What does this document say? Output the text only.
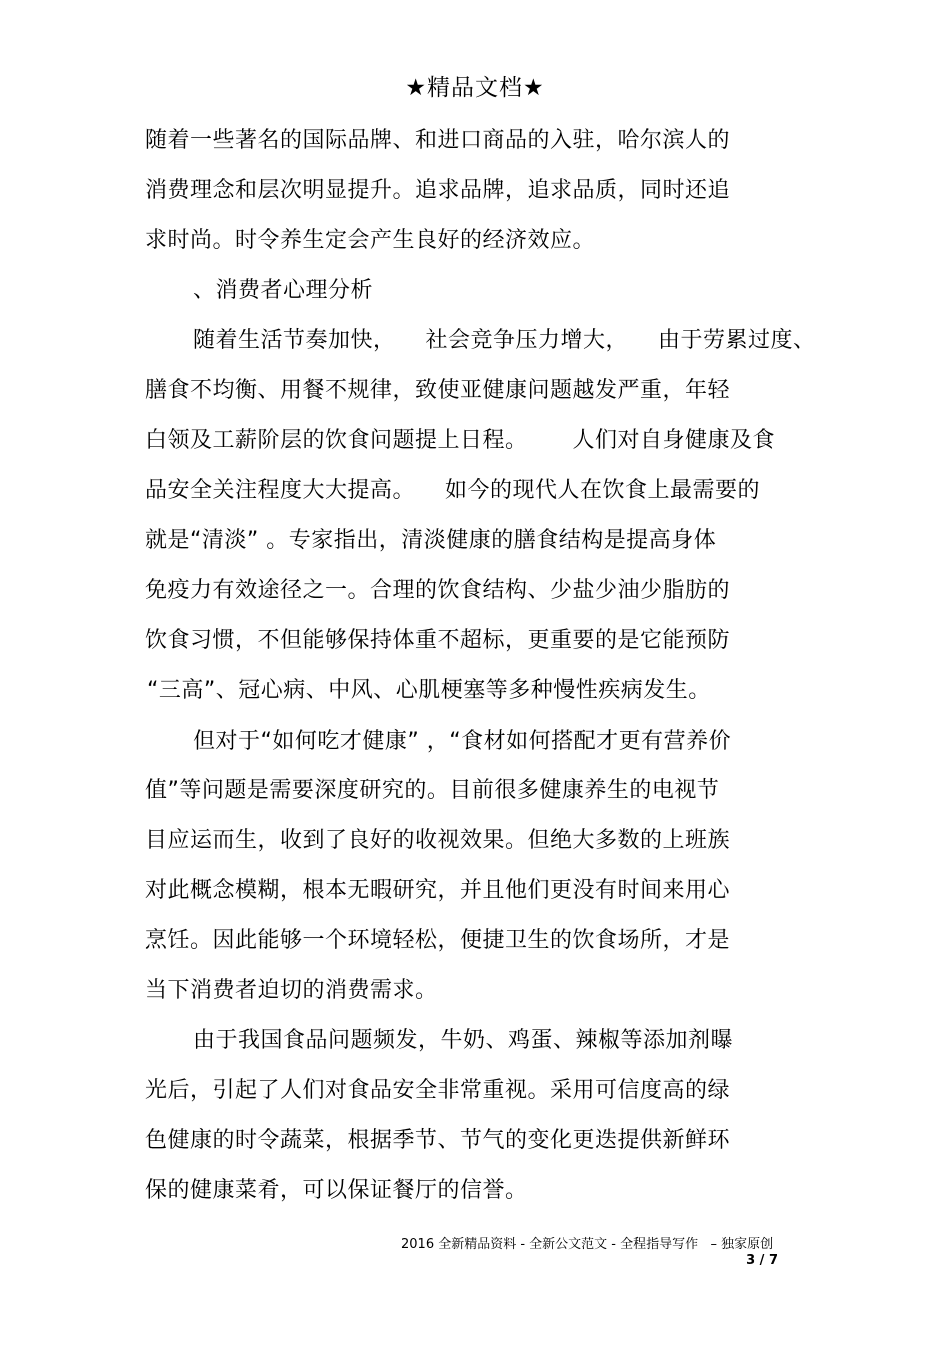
★精品文档★
随着一些著名的国际品牌、和进口商品的入驻，哈尔滨人的
消费理念和层次明显提升。追求品牌，追求品质，同时还追
求时尚。时令养生定会产生良好的经济效应。
、消费者心理分析
随着生活节奏加快，    社会竞争压力增大，    由于劳累过度、
膳食不均衡、用餐不规律，致使亚健康问题越发严重，年轻
白领及工薪阶层的饮食问题提上日程。      人们对自身健康及食
品安全关注程度大大提高。    如今的现代人在饮食上最需要的
就是“清淡” 。专家指出，清淡健康的膳食结构是提高身体
免疫力有效途径之一。合理的饮食结构、少盐少油少脂肪的
饮食习惯，不但能够保持体重不超标，更重要的是它能预防
“三高”、冠心病、中风、心肌梗塞等多种慢性疾病发生。
但对于“如何吃才健康” ，“食材如何搭配才更有营养价
值”等问题是需要深度研究的。目前很多健康养生的电视节
目应运而生，收到了良好的收视效果。但绝大多数的上班族
对此概念模糊，根本无暇研究，并且他们更没有时间来用心
烹饪。因此能够一个环境轻松，便捷卫生的饮食场所，才是
当下消费者迫切的消费需求。
由于我国食品问题频发，牛奶、鸡蛋、辣椒等添加剂曝
光后，引起了人们对食品安全非常重视。采用可信度高的绿
色健康的时令蔬菜，根据季节、节气的变化更迭提供新鲜环
保的健康菜肴，可以保证餐厅的信誉。
2016 全新精品资料 - 全新公文范文 - 全程指导写作   – 独家原创
3 / 7
